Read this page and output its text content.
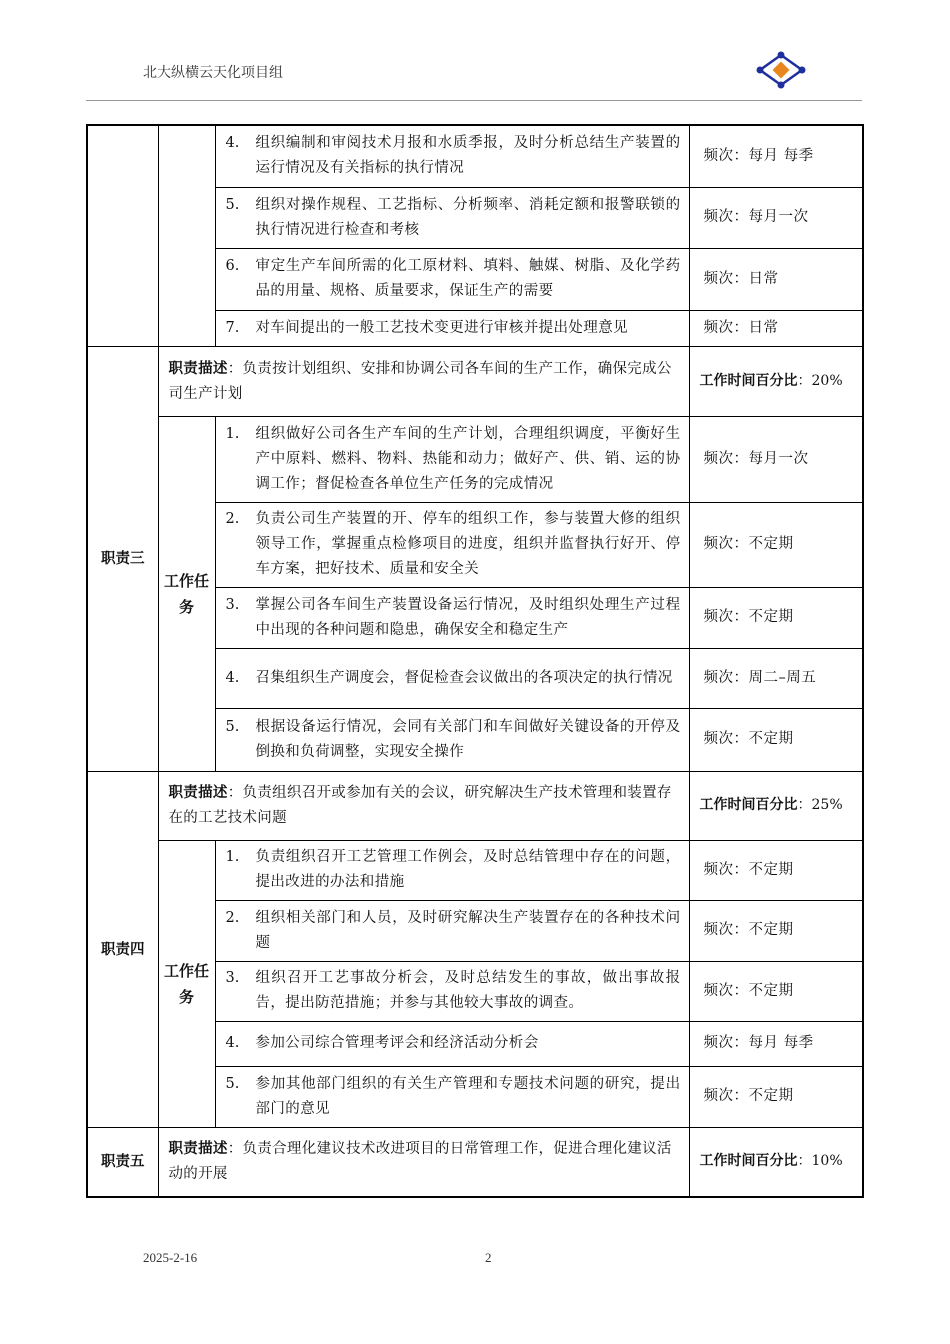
北大纵横云天化项目组

		4. 组织编制和审阅技术月报和水质季报，及时分析总结生产装置的运行情况及有关指标的执行情况	频次：每月 每季

		5. 组织对操作规程、工艺指标、分析频率、消耗定额和报警联锁的执行情况进行检查和考核	频次：每月一次

		6. 审定生产车间所需的化工原材料、填料、触媒、树脂、及化学药品的用量、规格、质量要求，保证生产的需要	频次：日常

		7. 对车间提出的一般工艺技术变更进行审核并提出处理意见	频次：日常
职责三	职责描述：负责按计划组织、安排和协调公司各车间的生产工作，确保完成公司生产计划		工作时间百分比：20%
	工作任务	1. 组织做好公司各生产车间的生产计划，合理组织调度，平衡好生产中原料、燃料、物料、热能和动力；做好产、供、销、运的协调工作；督促检查各单位生产任务的完成情况	频次：每月一次

		2. 负责公司生产装置的开、停车的组织工作，参与装置大修的组织领导工作，掌握重点检修项目的进度，组织并监督执行好开、停车方案，把好技术、质量和安全关	频次：不定期

		3. 掌握公司各车间生产装置设备运行情况，及时组织处理生产过程中出现的各种问题和隐患，确保安全和稳定生产	频次：不定期

		4. 召集组织生产调度会，督促检查会议做出的各项决定的执行情况	频次：周二–周五

		5. 根据设备运行情况，会同有关部门和车间做好关键设备的开停及倒换和负荷调整，实现安全操作	频次：不定期
职责四	职责描述：负责组织召开或参加有关的会议，研究解决生产技术管理和装置存在的工艺技术问题		工作时间百分比：25%
	工作任务	1. 负责组织召开工艺管理工作例会，及时总结管理中存在的问题，提出改进的办法和措施	频次：不定期

		2. 组织相关部门和人员，及时研究解决生产装置存在的各种技术问题	频次：不定期

		3. 组织召开工艺事故分析会，及时总结发生的事故，做出事故报告，提出防范措施；并参与其他较大事故的调查。	频次：不定期

		4. 参加公司综合管理考评会和经济活动分析会	频次：每月 每季

		5. 参加其他部门组织的有关生产管理和专题技术问题的研究，提出部门的意见	频次：不定期
职责五	职责描述：负责合理化建议技术改进项目的日常管理工作，促进合理化建议活动的开展		工作时间百分比：10%
2025-2-16	2
